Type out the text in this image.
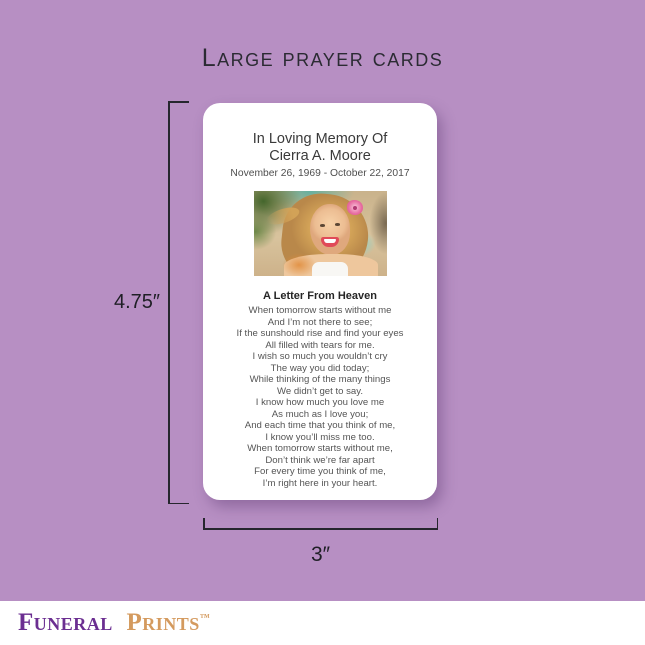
Large prayer cards
4.75″
3″
In Loving Memory Of
Cierra A. Moore
November 26, 1969 - October 22, 2017
A Letter From Heaven
When tomorrow starts without me
And I’m not there to see;
If the sunshould rise and find your eyes
All filled with tears for me.
I wish so much you wouldn’t cry
The way you did today;
While thinking of the many things
We didn’t get to say.
I know how much you love me
As much as I love you;
And each time that you think of me,
I know you’ll miss me too.
When tomorrow starts without me,
Don’t think we’re far apart
For every time you think of me,
I’m right here in your heart.
Funeral Prints™
